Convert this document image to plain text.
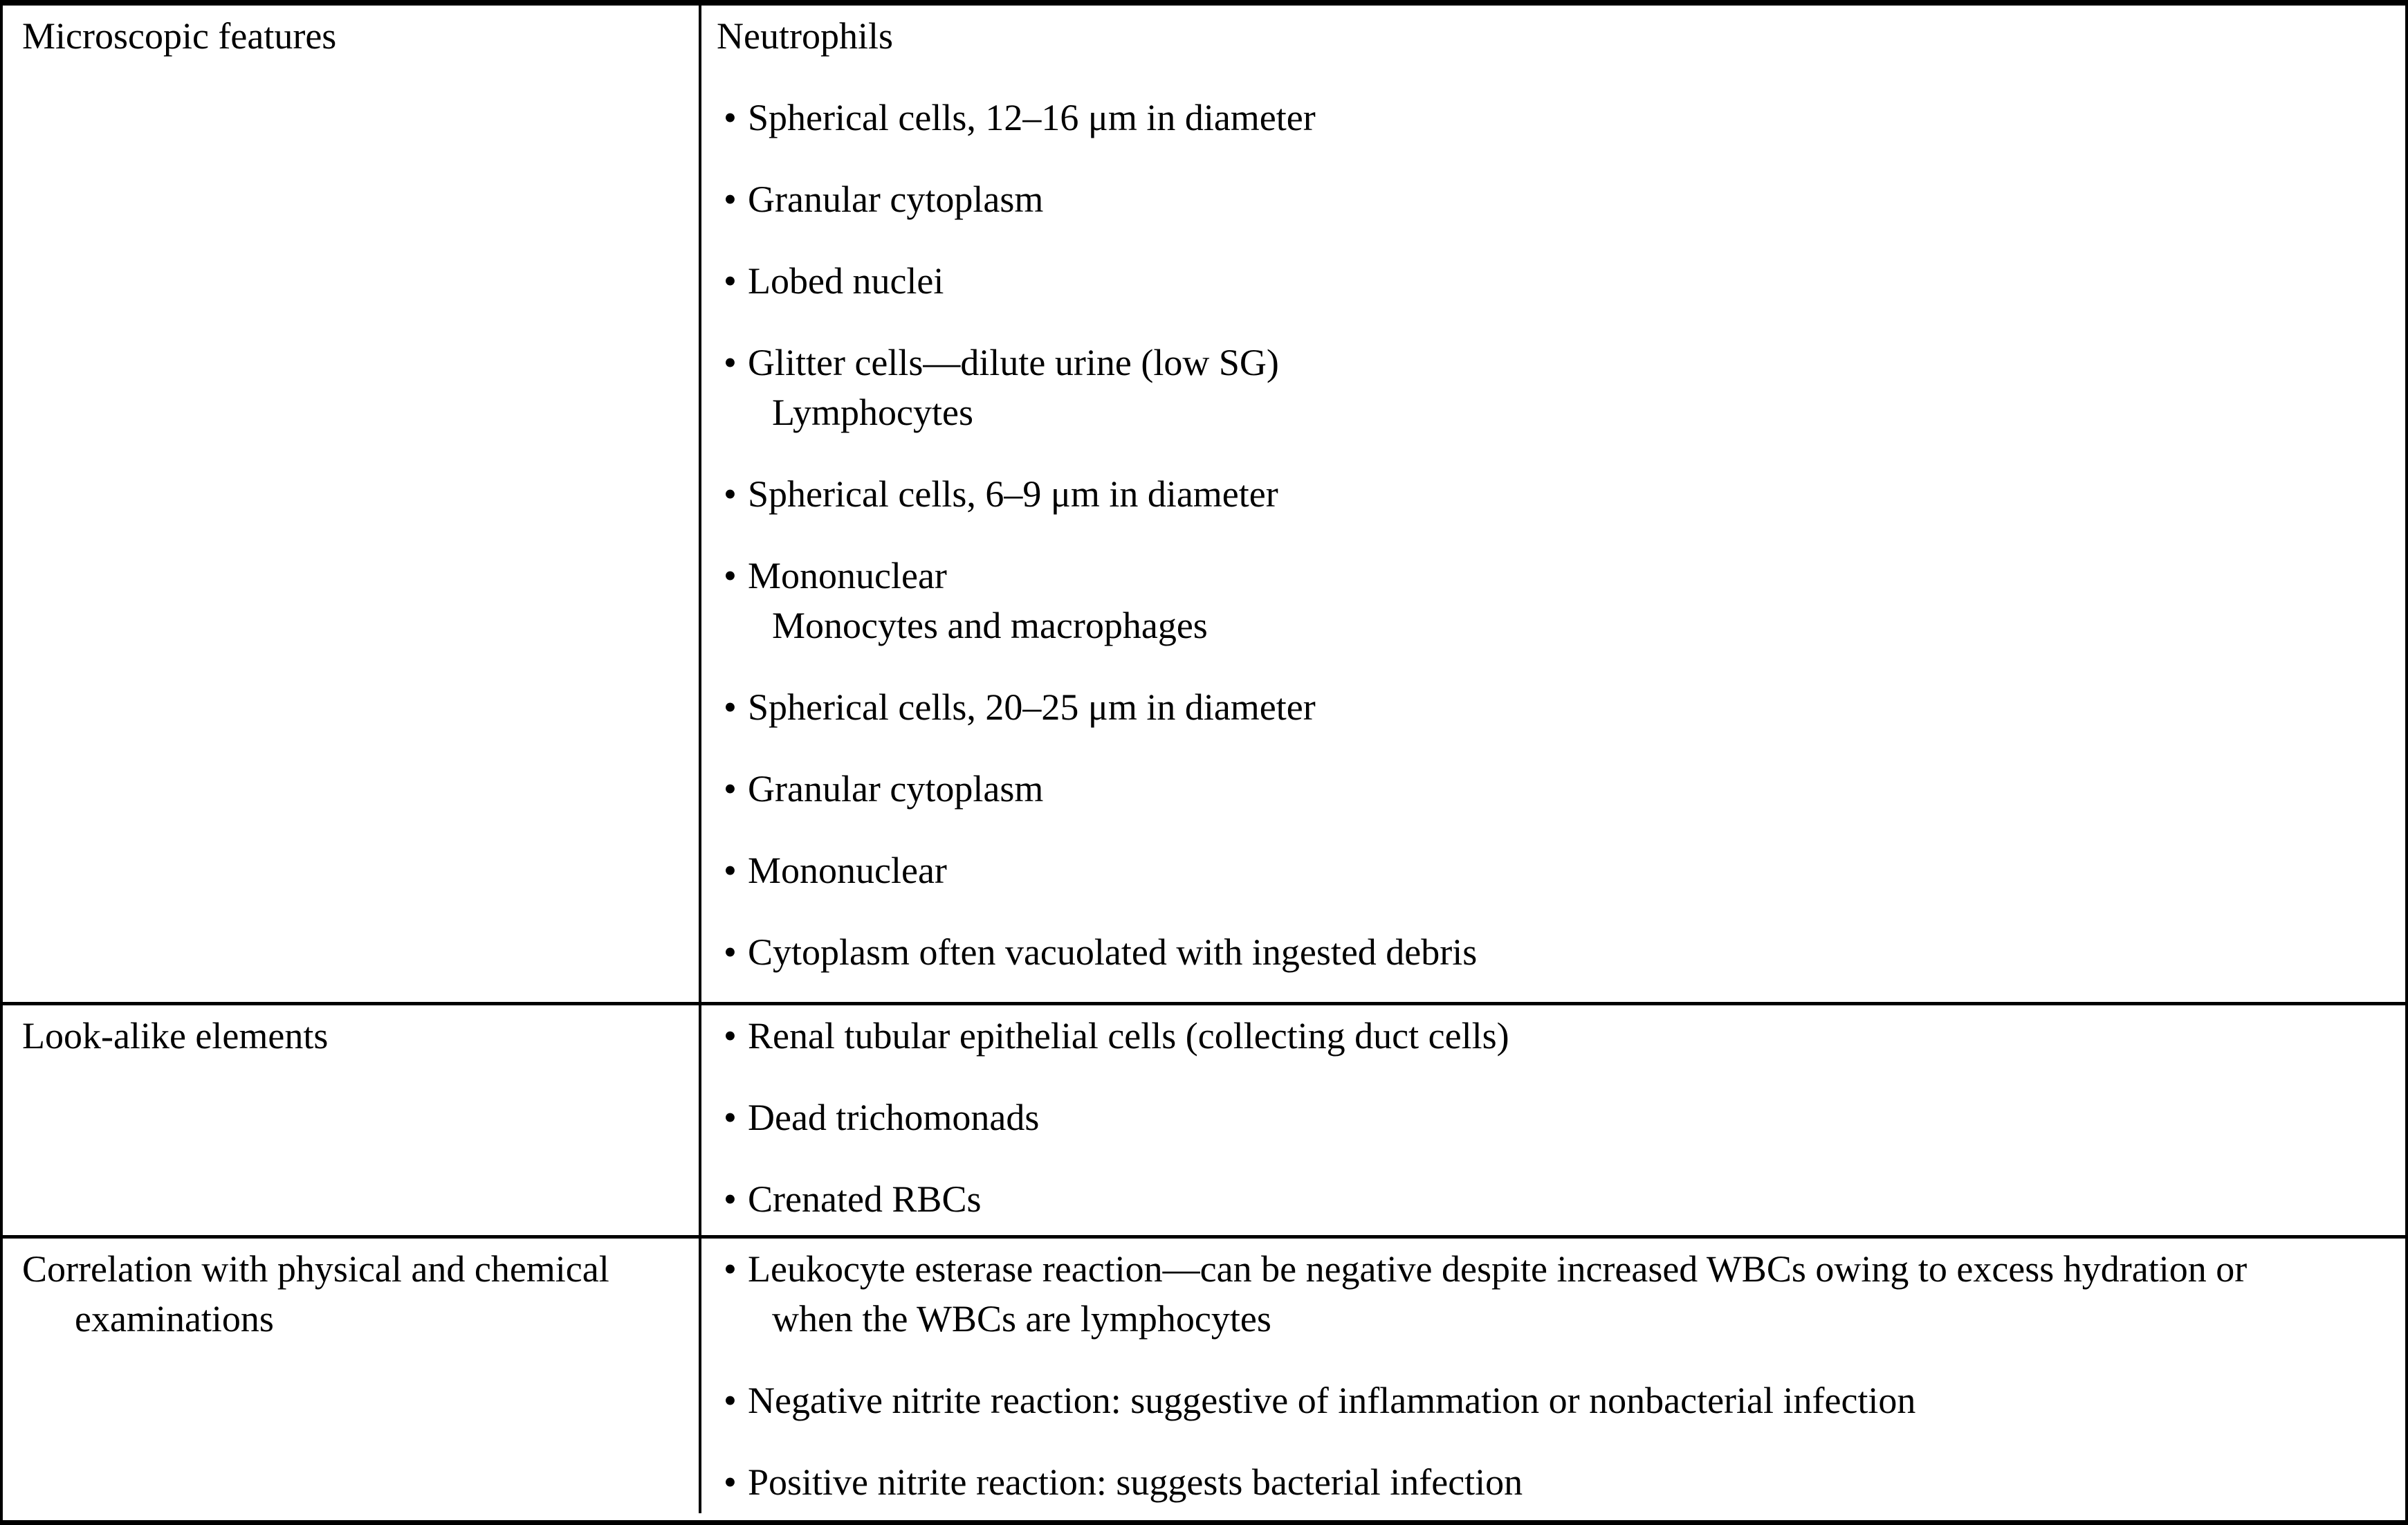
Microscopic features	Neutrophils
• Spherical cells, 12–16 μm in diameter
• Granular cytoplasm
• Lobed nuclei
• Glitter cells—dilute urine (low SG)
Lymphocytes
• Spherical cells, 6–9 μm in diameter
• Mononuclear
Monocytes and macrophages
• Spherical cells, 20–25 μm in diameter
• Granular cytoplasm
• Mononuclear
• Cytoplasm often vacuolated with ingested debris
Look-alike elements	• Renal tubular epithelial cells (collecting duct cells)
• Dead trichomonads
• Crenated RBCs
Correlation with physical and chemical
examinations
• Leukocyte esterase reaction—can be negative despite increased WBCs owing to excess hydration or
when the WBCs are lymphocytes
• Negative nitrite reaction: suggestive of inflammation or nonbacterial infection
• Positive nitrite reaction: suggests bacterial infection
